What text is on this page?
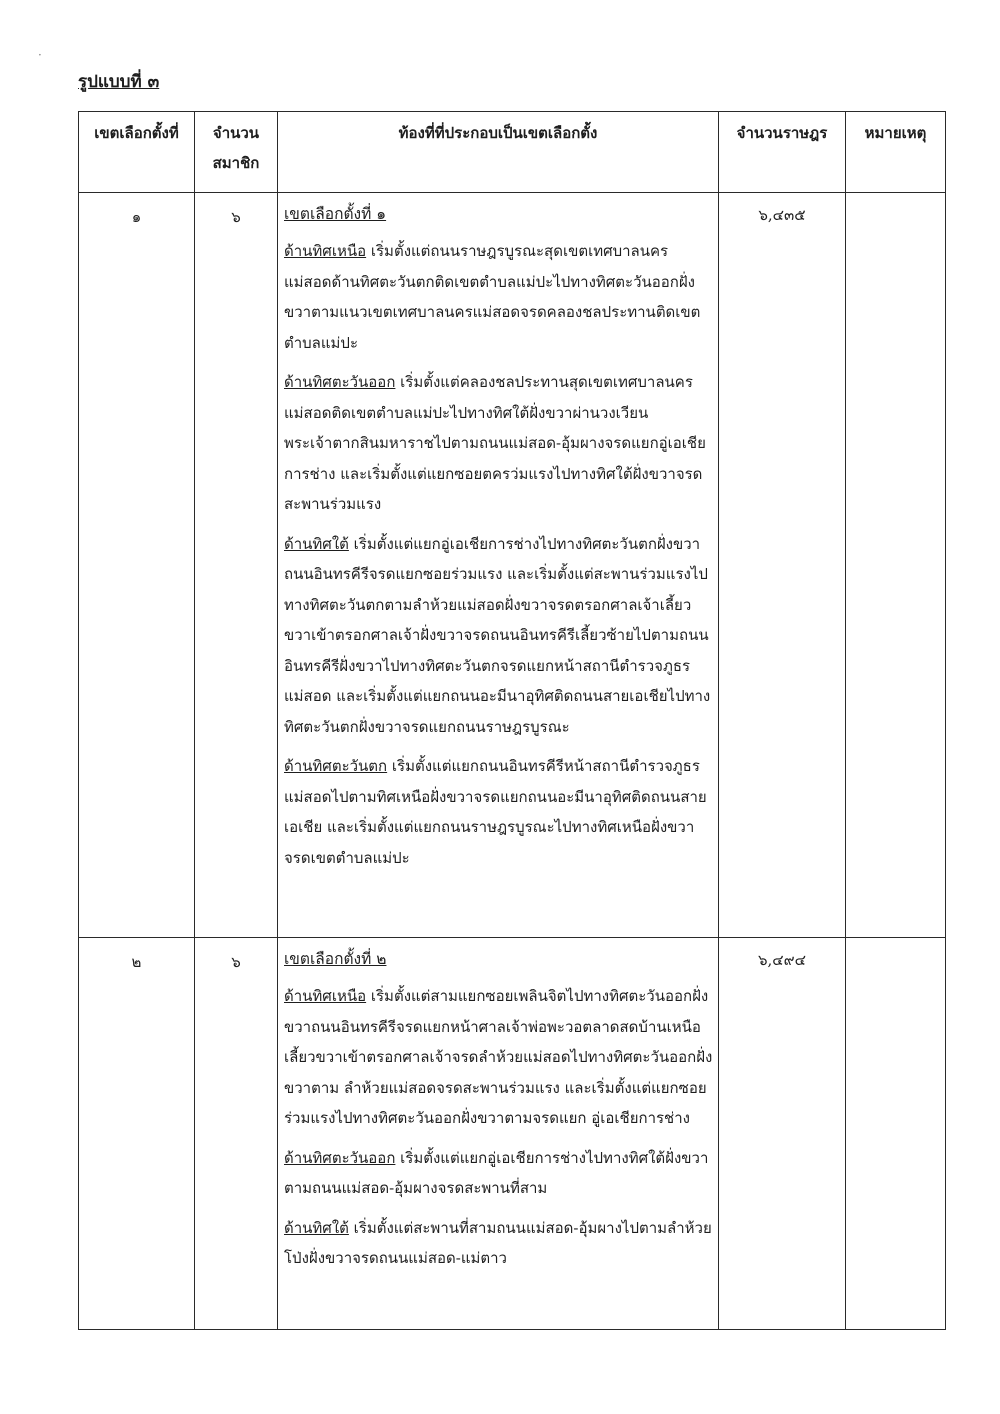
·
รูปแบบที่ ๓
เขตเลือกตั้งที่	จำนวนสมาชิก	ท้องที่ที่ประกอบเป็นเขตเลือกตั้ง	จำนวนราษฎร	หมายเหตุ
๑	๖	เขตเลือกตั้งที่ ๑

ด้านทิศเหนือ เริ่มตั้งแต่ถนนราษฎรบูรณะสุดเขตเทศบาลนครแม่สอดด้านทิศตะวันตกติดเขตตำบลแม่ปะไปทางทิศตะวันออกฝั่งขวาตามแนวเขตเทศบาลนครแม่สอดจรดคลองชลประทานติดเขตตำบลแม่ปะ

ด้านทิศตะวันออก เริ่มตั้งแต่คลองชลประทานสุดเขตเทศบาลนครแม่สอดติดเขตตำบลแม่ปะไปทางทิศใต้ฝั่งขวาผ่านวงเวียนพระเจ้าตากสินมหาราชไปตามถนนแม่สอด-อุ้มผางจรดแยกอู่เอเชียการช่าง และเริ่มตั้งแต่แยกซอยตครว่มแรงไปทางทิศใต้ฝั่งขวาจรดสะพานร่วมแรง

ด้านทิศใต้ เริ่มตั้งแต่แยกอู่เอเชียการช่างไปทางทิศตะวันตกฝั่งขวาถนนอินทรคีรีจรดแยกซอยร่วมแรง และเริ่มตั้งแต่สะพานร่วมแรงไปทางทิศตะวันตกตามลำห้วยแม่สอดฝั่งขวาจรดตรอกศาลเจ้าเลี้ยวขวาเข้าตรอกศาลเจ้าฝั่งขวาจรดถนนอินทรคีรีเลี้ยวซ้ายไปตามถนนอินทรคีรีฝั่งขวาไปทางทิศตะวันตกจรดแยกหน้าสถานีตำรวจภูธรแม่สอด และเริ่มตั้งแต่แยกถนนอะมีนาอุทิศติดถนนสายเอเชียไปทางทิศตะวันตกฝั่งขวาจรดแยกถนนราษฎรบูรณะ

ด้านทิศตะวันตก เริ่มตั้งแต่แยกถนนอินทรคีรีหน้าสถานีตำรวจภูธรแม่สอดไปตามทิศเหนือฝั่งขวาจรดแยกถนนอะมีนาอุทิศติดถนนสายเอเชีย และเริ่มตั้งแต่แยกถนนราษฎรบูรณะไปทางทิศเหนือฝั่งขวาจรดเขตตำบลแม่ปะ	๖,๔๓๕	
๒	๖	เขตเลือกตั้งที่ ๒

ด้านทิศเหนือ เริ่มตั้งแต่สามแยกซอยเพลินจิตไปทางทิศตะวันออกฝั่งขวาถนนอินทรคีรีจรดแยกหน้าศาลเจ้าพ่อพะวอตลาดสดบ้านเหนือเลี้ยวขวาเข้าตรอกศาลเจ้าจรดลำห้วยแม่สอดไปทางทิศตะวันออกฝั่งขวาตาม ลำห้วยแม่สอดจรดสะพานร่วมแรง และเริ่มตั้งแต่แยกซอยร่วมแรงไปทางทิศตะวันออกฝั่งขวาตามจรดแยก อู่เอเชียการช่าง

ด้านทิศตะวันออก เริ่มตั้งแต่แยกอู่เอเชียการช่างไปทางทิศใต้ฝั่งขวาตามถนนแม่สอด-อุ้มผางจรดสะพานที่สาม

ด้านทิศใต้ เริ่มตั้งแต่สะพานที่สามถนนแม่สอด-อุ้มผางไปตามลำห้วยโป่งฝั่งขวาจรดถนนแม่สอด-แม่ตาว	๖,๔๙๔	
